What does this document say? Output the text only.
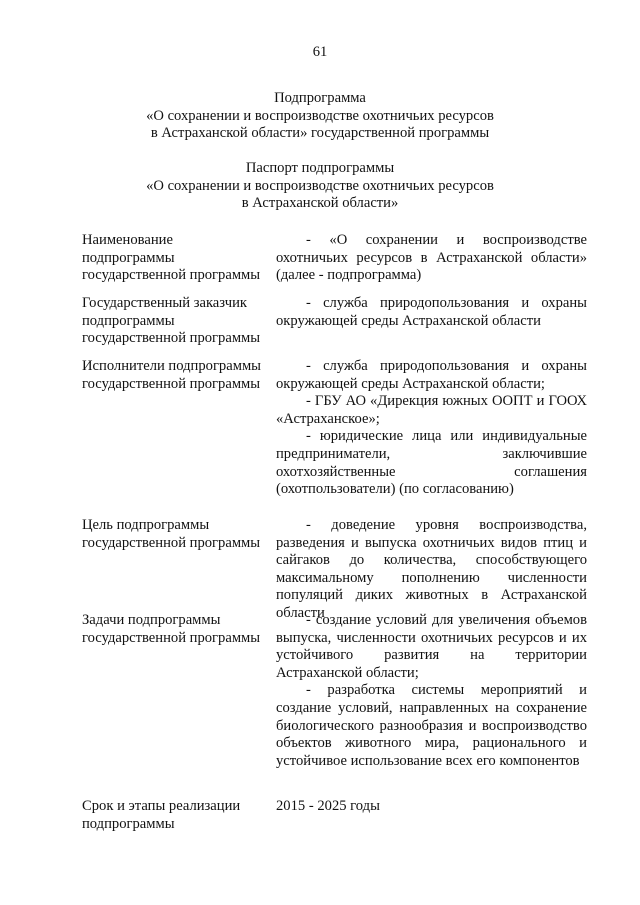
61
Подпрограмма
«О сохранении и воспроизводстве охотничьих ресурсов
в Астраханской области» государственной программы
Паспорт подпрограммы
«О сохранении и воспроизводстве охотничьих ресурсов
в Астраханской области»
Наименование
подпрограммы
государственной программы
- «О сохранении и воспроизводстве охотничьих ресурсов в Астраханской области» (далее - подпрограмма)
Государственный заказчик
подпрограммы
государственной программы
- служба природопользования и охраны окружающей среды Астраханской области
Исполнители подпрограммы
государственной программы
- служба природопользования и охраны окружающей среды Астраханской области;
- ГБУ АО «Дирекция южных ООПТ и ГООХ «Астраханское»;
- юридические лица или индивидуальные предприниматели, заключившие охотхозяйственные соглашения (охотпользователи) (по согласованию)
Цель подпрограммы
государственной программы
- доведение уровня воспроизводства, разведения и выпуска охотничьих видов птиц и сайгаков до количества, способствующего максимальному пополнению численности популяций диких животных в Астраханской области
Задачи подпрограммы
государственной программы
- создание условий для увеличения объемов выпуска, численности охотничьих ресурсов и их устойчивого развития на территории Астраханской области;
- разработка системы мероприятий и создание условий, направленных на сохранение биологического разнообразия и воспроизводство объектов животного мира, рационального и устойчивое использование всех его компонентов
Срок и этапы реализации
подпрограммы
2015 - 2025 годы
